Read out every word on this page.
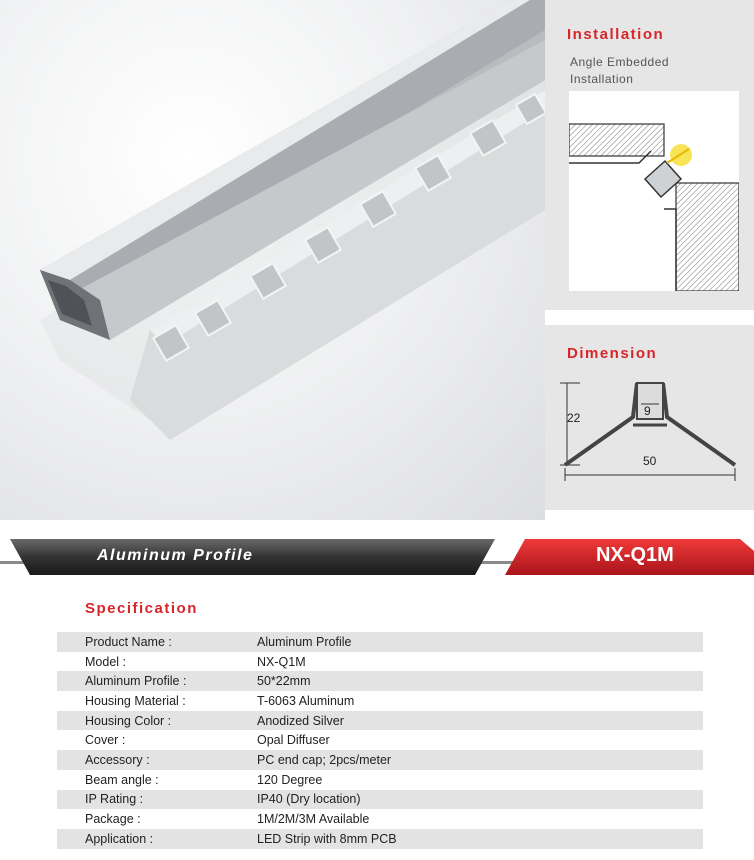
Installation
Angle Embedded
Installation
Dimension
22	9
50
Aluminum Profile	NX-Q1M
Specification
Product Name :	Aluminum Profile
Model :	NX-Q1M
Aluminum Profile :	50*22mm
Housing Material :	T-6063 Aluminum
Housing Color :	Anodized Silver
Cover :	Opal Diffuser
Accessory :	PC end cap; 2pcs/meter
Beam angle :	120 Degree
IP Rating :	IP40 (Dry location)
Package :	1M/2M/3M Available
Application :	LED Strip with 8mm PCB
